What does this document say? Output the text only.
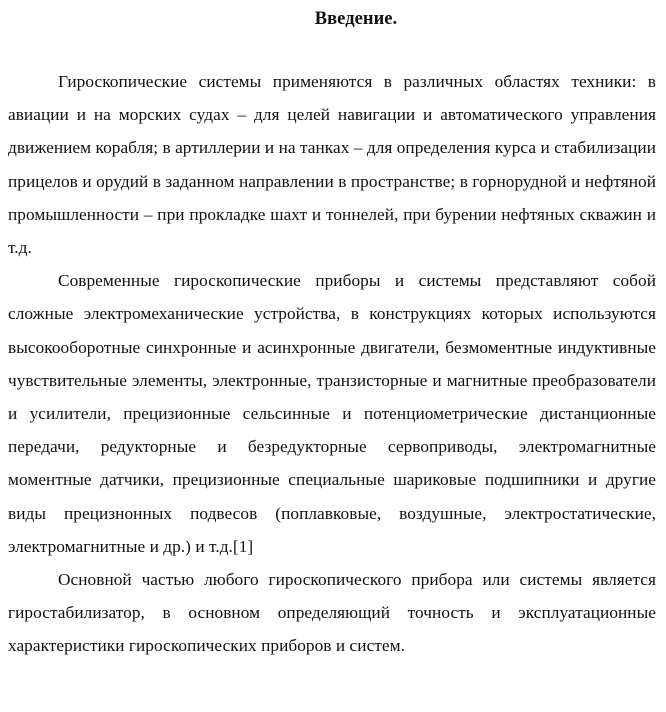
Введение.

Гироскопические системы применяются в различных областях техники: в авиации и на морских судах – для целей навигации и автоматического управления движением корабля; в артиллерии и на танках – для определения курса и стабилизации прицелов и орудий в заданном направлении в пространстве; в горнорудной и нефтяной промышленности – при прокладке шахт и тоннелей, при бурении нефтяных скважин и т.д.

Современные гироскопические приборы и системы представляют собой сложные электромеханические устройства, в конструкциях которых используются высокооборотные синхронные и асинхронные двигатели, безмоментные индуктивные чувствительные элементы, электронные, транзисторные и магнитные преобразователи и усилители, прецизионные сельсинные и потенциометрические дистанционные передачи, редукторные и безредукторные сервоприводы, электромагнитные моментные датчики, прецизионные специальные шариковые подшипники и другие виды прецизнонных подвесов (поплавковые, воздушные, электростатические, электромагнитные и др.) и т.д.[1]

Основной частью любого гироскопического прибора или системы является гиростабилизатор, в основном определяющий точность и эксплуатационные характеристики гироскопических приборов и систем.
